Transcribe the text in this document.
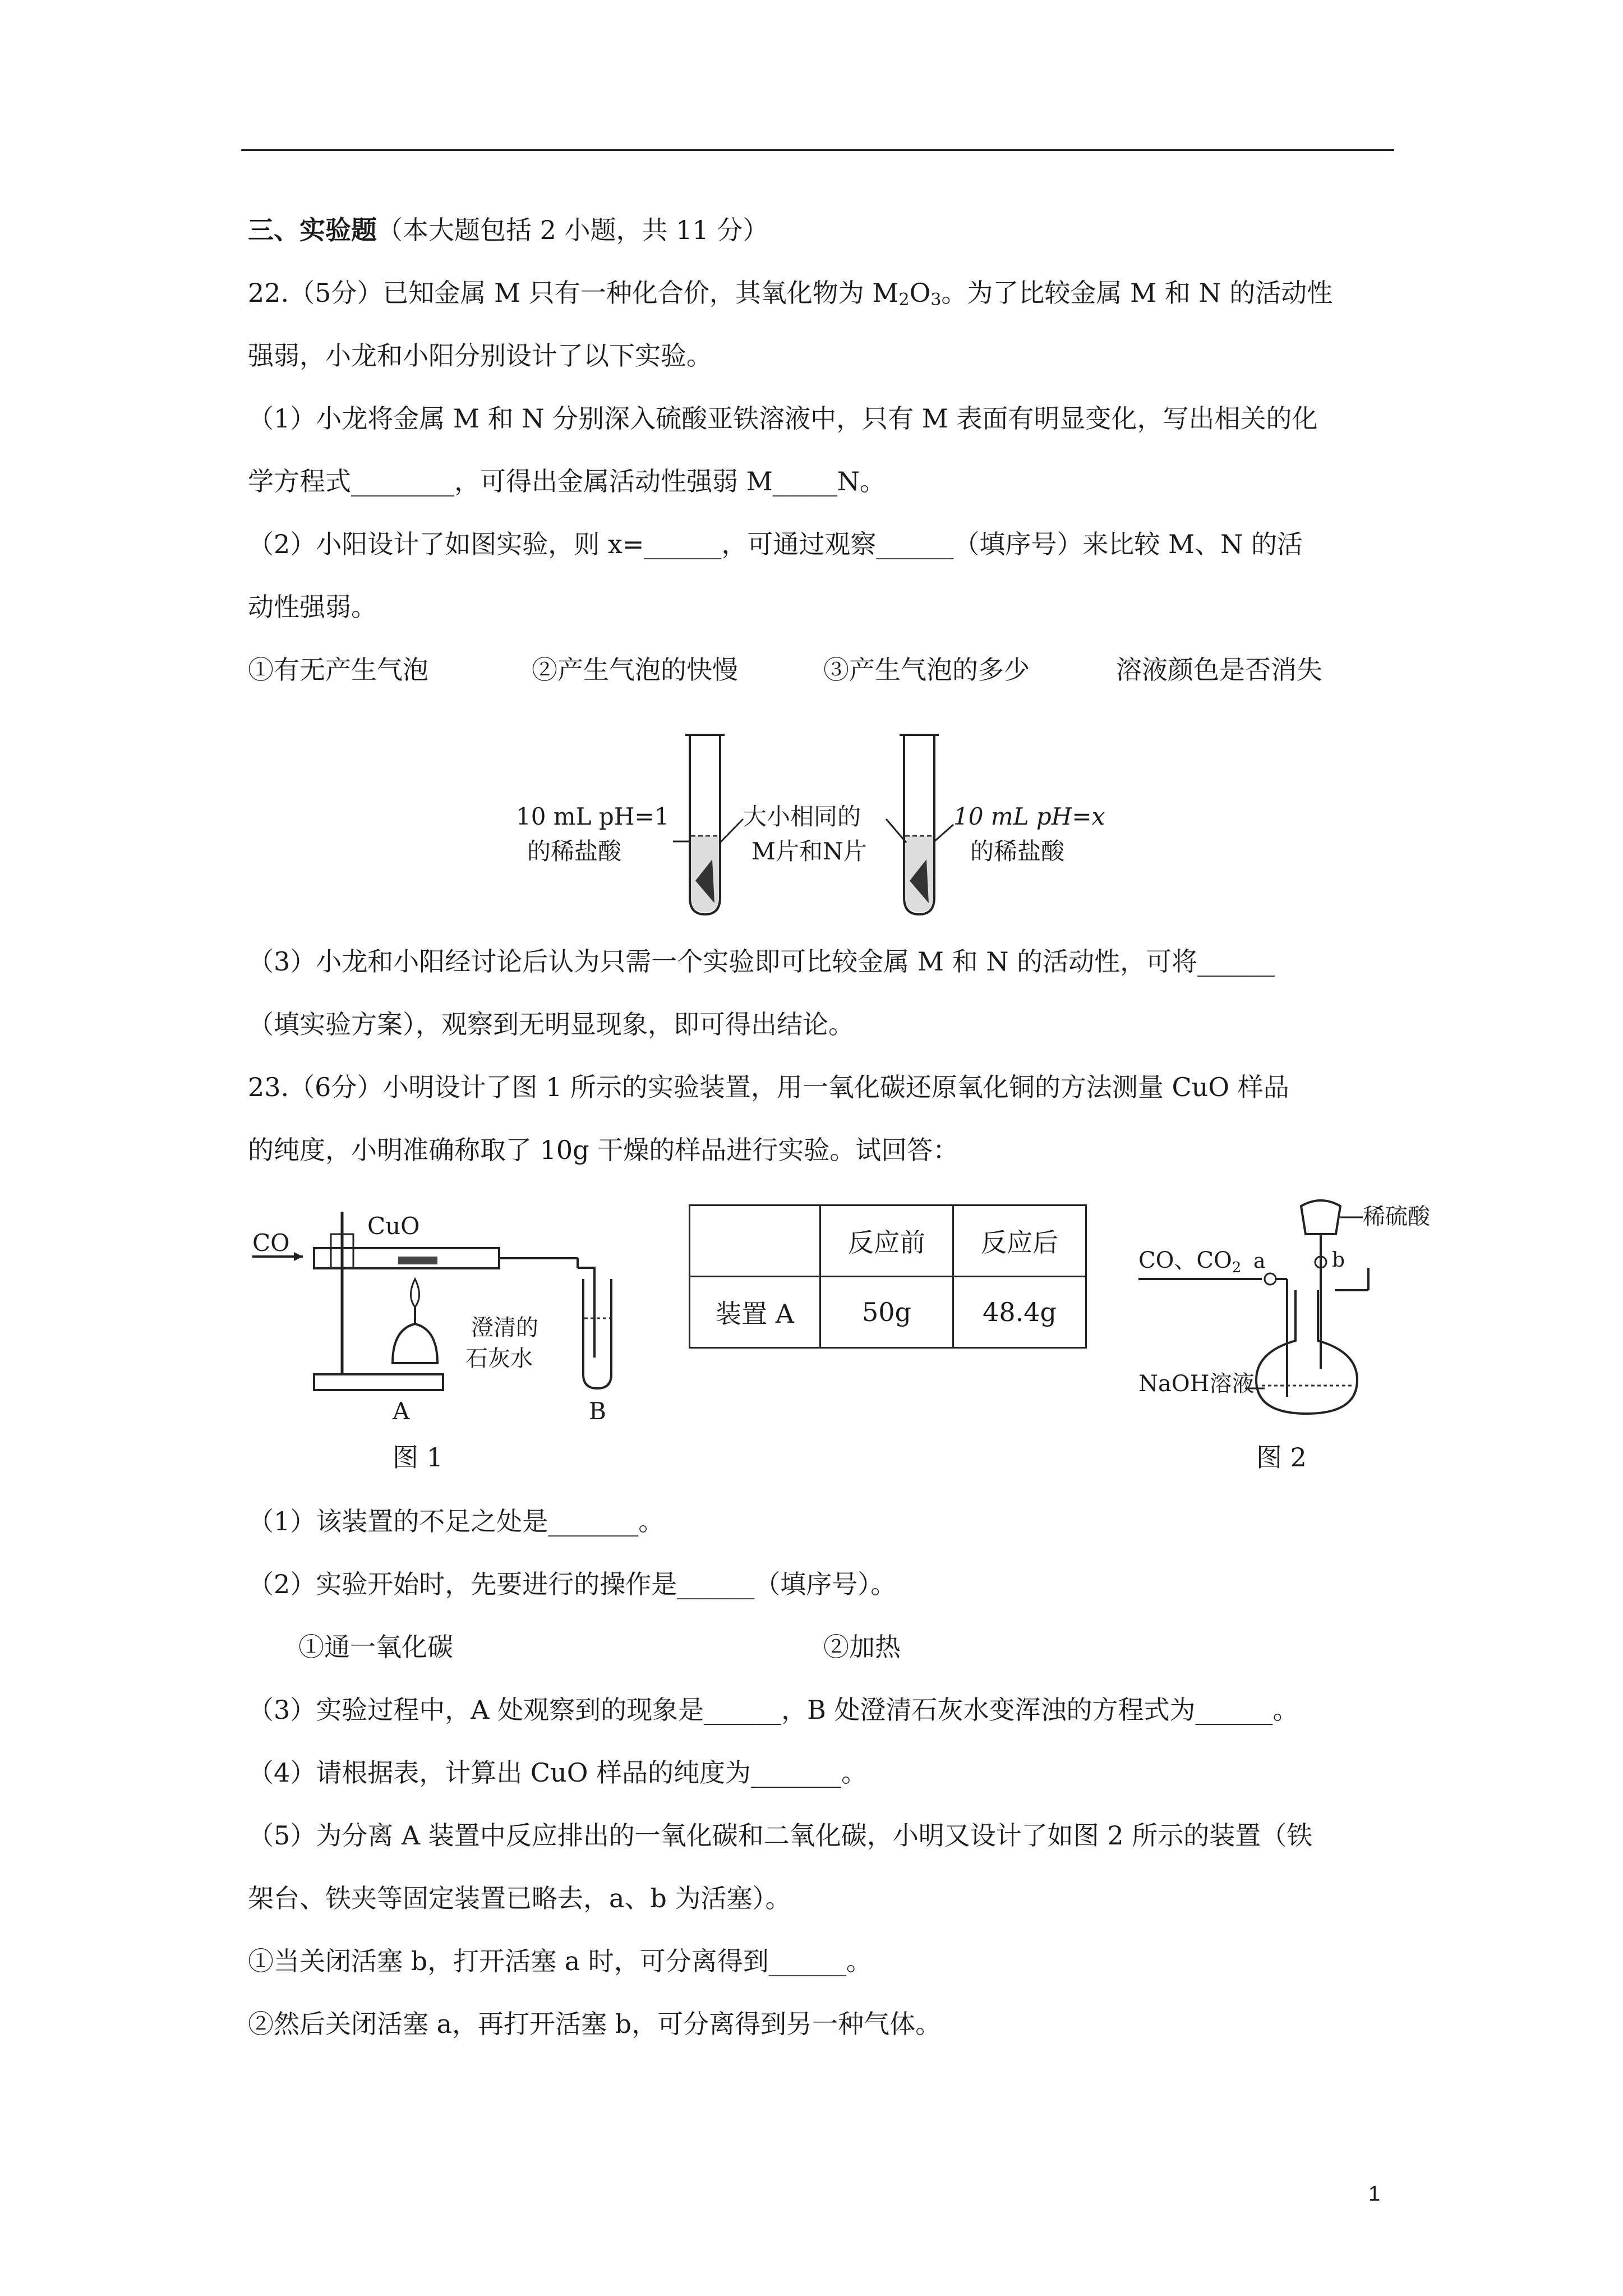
三、实验题（本大题包括 2 小题，共 11 分）
22.（5分）已知金属 M 只有一种化合价，其氧化物为 $M_2O_3$。为了比较金属 M 和 N 的活动性
强弱，小龙和小阳分别设计了以下实验。
（1）小龙将金属 M 和 N 分别深入硫酸亚铁溶液中，只有 M 表面有明显变化，写出相关的化
学方程式________，可得出金属活动性强弱 M_____N。
（2）小阳设计了如图实验，则 x=______，可通过观察______（填序号）来比较 M、N 的活
动性强弱。
①有无产生气泡	②产生气泡的快慢	③产生气泡的多少	溶液颜色是否消失
10 mL pH=1
的稀盐酸
大小相同的
M片和N片
10 mL pH=x
的稀盐酸
（3）小龙和小阳经讨论后认为只需一个实验即可比较金属 M 和 N 的活动性，可将______
（填实验方案），观察到无明显现象，即可得出结论。
23.（6分）小明设计了图 1 所示的实验装置，用一氧化碳还原氧化铜的方法测量 CuO 样品
的纯度，小明准确称取了 10g 干燥的样品进行实验。试回答：
CO
CuO
澄清的
石灰水
A	B
	反应前	反应后
装置 A	50g	48.4g
CO、$CO_2$ a	b
稀硫酸
NaOH溶液
图 1	图 2
（1）该装置的不足之处是_______。
（2）实验开始时，先要进行的操作是______（填序号）。
①通一氧化碳	②加热
（3）实验过程中，A 处观察到的现象是______，B 处澄清石灰水变浑浊的方程式为______。
（4）请根据表，计算出 CuO 样品的纯度为_______。
（5）为分离 A 装置中反应排出的一氧化碳和二氧化碳，小明又设计了如图 2 所示的装置（铁
架台、铁夹等固定装置已略去，a、b 为活塞）。
①当关闭活塞 b，打开活塞 a 时，可分离得到______。
②然后关闭活塞 a，再打开活塞 b，可分离得到另一种气体。
1
